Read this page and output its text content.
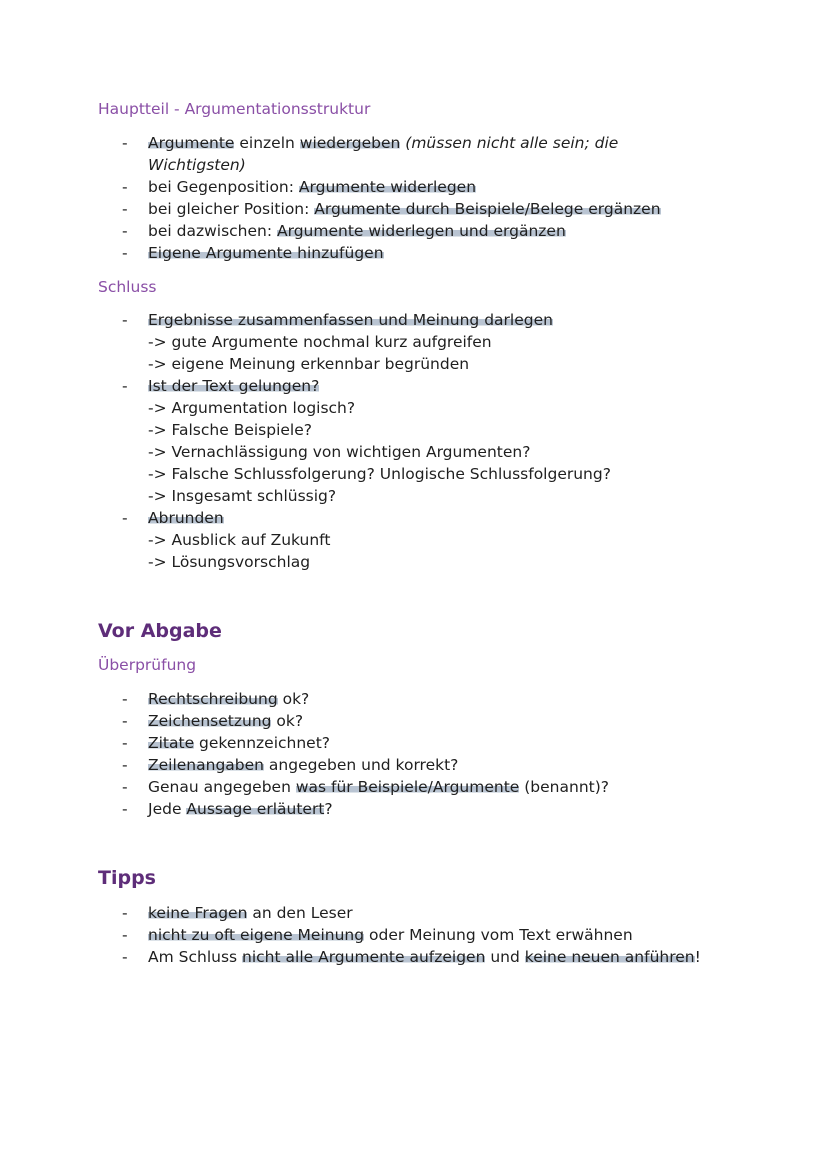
Hauptteil - Argumentationsstruktur
- Argumente einzeln wiedergeben (müssen nicht alle sein; die
Wichtigsten)
- bei Gegenposition: Argumente widerlegen
- bei gleicher Position: Argumente durch Beispiele/Belege ergänzen
- bei dazwischen: Argumente widerlegen und ergänzen
- Eigene Argumente hinzufügen
Schluss
- Ergebnisse zusammenfassen und Meinung darlegen
-> gute Argumente nochmal kurz aufgreifen
-> eigene Meinung erkennbar begründen
- Ist der Text gelungen?
-> Argumentation logisch?
-> Falsche Beispiele?
-> Vernachlässigung von wichtigen Argumenten?
-> Falsche Schlussfolgerung? Unlogische Schlussfolgerung?
-> Insgesamt schlüssig?
- Abrunden
-> Ausblick auf Zukunft
-> Lösungsvorschlag
Vor Abgabe
Überprüfung
- Rechtschreibung ok?
- Zeichensetzung ok?
- Zitate gekennzeichnet?
- Zeilenangaben angegeben und korrekt?
- Genau angegeben was für Beispiele/Argumente (benannt)?
- Jede Aussage erläutert?
Tipps
- keine Fragen an den Leser
- nicht zu oft eigene Meinung oder Meinung vom Text erwähnen
- Am Schluss nicht alle Argumente aufzeigen und keine neuen anführen!
